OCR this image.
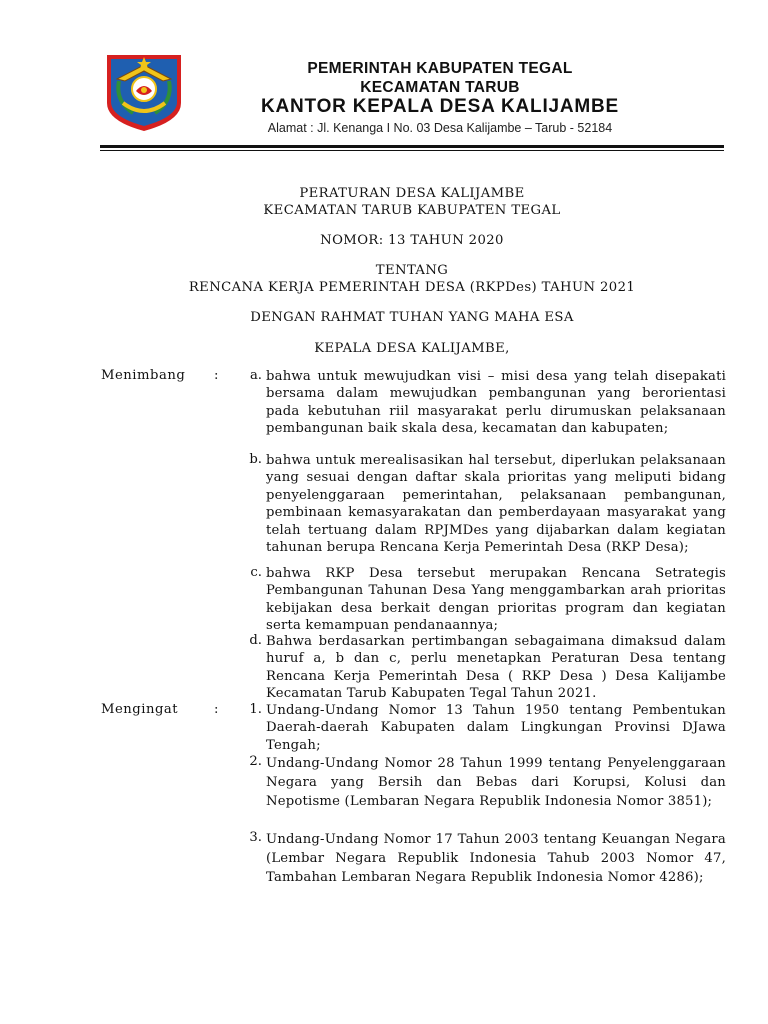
PEMERINTAH KABUPATEN TEGAL
KECAMATAN TARUB
KANTOR KEPALA DESA KALIJAMBE
Alamat : Jl. Kenanga I No. 03 Desa Kalijambe – Tarub - 52184
PERATURAN DESA KALIJAMBE
KECAMATAN TARUB KABUPATEN TEGAL
NOMOR: 13 TAHUN 2020
TENTANG
RENCANA KERJA PEMERINTAH DESA (RKPDes) TAHUN 2021
DENGAN RAHMAT TUHAN YANG MAHA ESA
KEPALA DESA KALIJAMBE,
Menimbang :	a. bahwa untuk mewujudkan visi – misi desa yang telah disepakati bersama dalam mewujudkan pembangunan yang berorientasi pada kebutuhan riil masyarakat perlu dirumuskan pelaksanaan pembangunan baik skala desa, kecamatan dan kabupaten;
b. bahwa untuk merealisasikan hal tersebut, diperlukan pelaksanaan yang sesuai dengan daftar skala prioritas yang meliputi bidang penyelenggaraan pemerintahan, pelaksanaan pembangunan, pembinaan kemasyarakatan dan pemberdayaan masyarakat yang telah tertuang dalam RPJMDes yang dijabarkan dalam kegiatan tahunan berupa Rencana Kerja Pemerintah Desa (RKP Desa);
c. bahwa RKP Desa tersebut merupakan Rencana Setrategis Pembangunan Tahunan Desa Yang menggambarkan arah prioritas kebijakan desa berkait dengan prioritas program dan kegiatan serta kemampuan pendanaannya;
d. Bahwa berdasarkan pertimbangan sebagaimana dimaksud dalam huruf a, b dan c, perlu menetapkan Peraturan Desa tentang Rencana Kerja Pemerintah Desa ( RKP Desa ) Desa Kalijambe Kecamatan Tarub Kabupaten Tegal Tahun 2021.
Mengingat	:	1. Undang-Undang Nomor 13 Tahun 1950 tentang Pembentukan Daerah-daerah Kabupaten dalam Lingkungan Provinsi DJawa Tengah;
2. Undang-Undang Nomor 28 Tahun 1999 tentang Penyelenggaraan Negara yang Bersih dan Bebas dari Korupsi, Kolusi dan Nepotisme (Lembaran Negara Republik Indonesia Nomor 3851);
3. Undang-Undang Nomor 17 Tahun 2003 tentang Keuangan Negara (Lembar Negara Republik Indonesia Tahub 2003 Nomor 47, Tambahan Lembaran Negara Republik Indonesia Nomor 4286);
